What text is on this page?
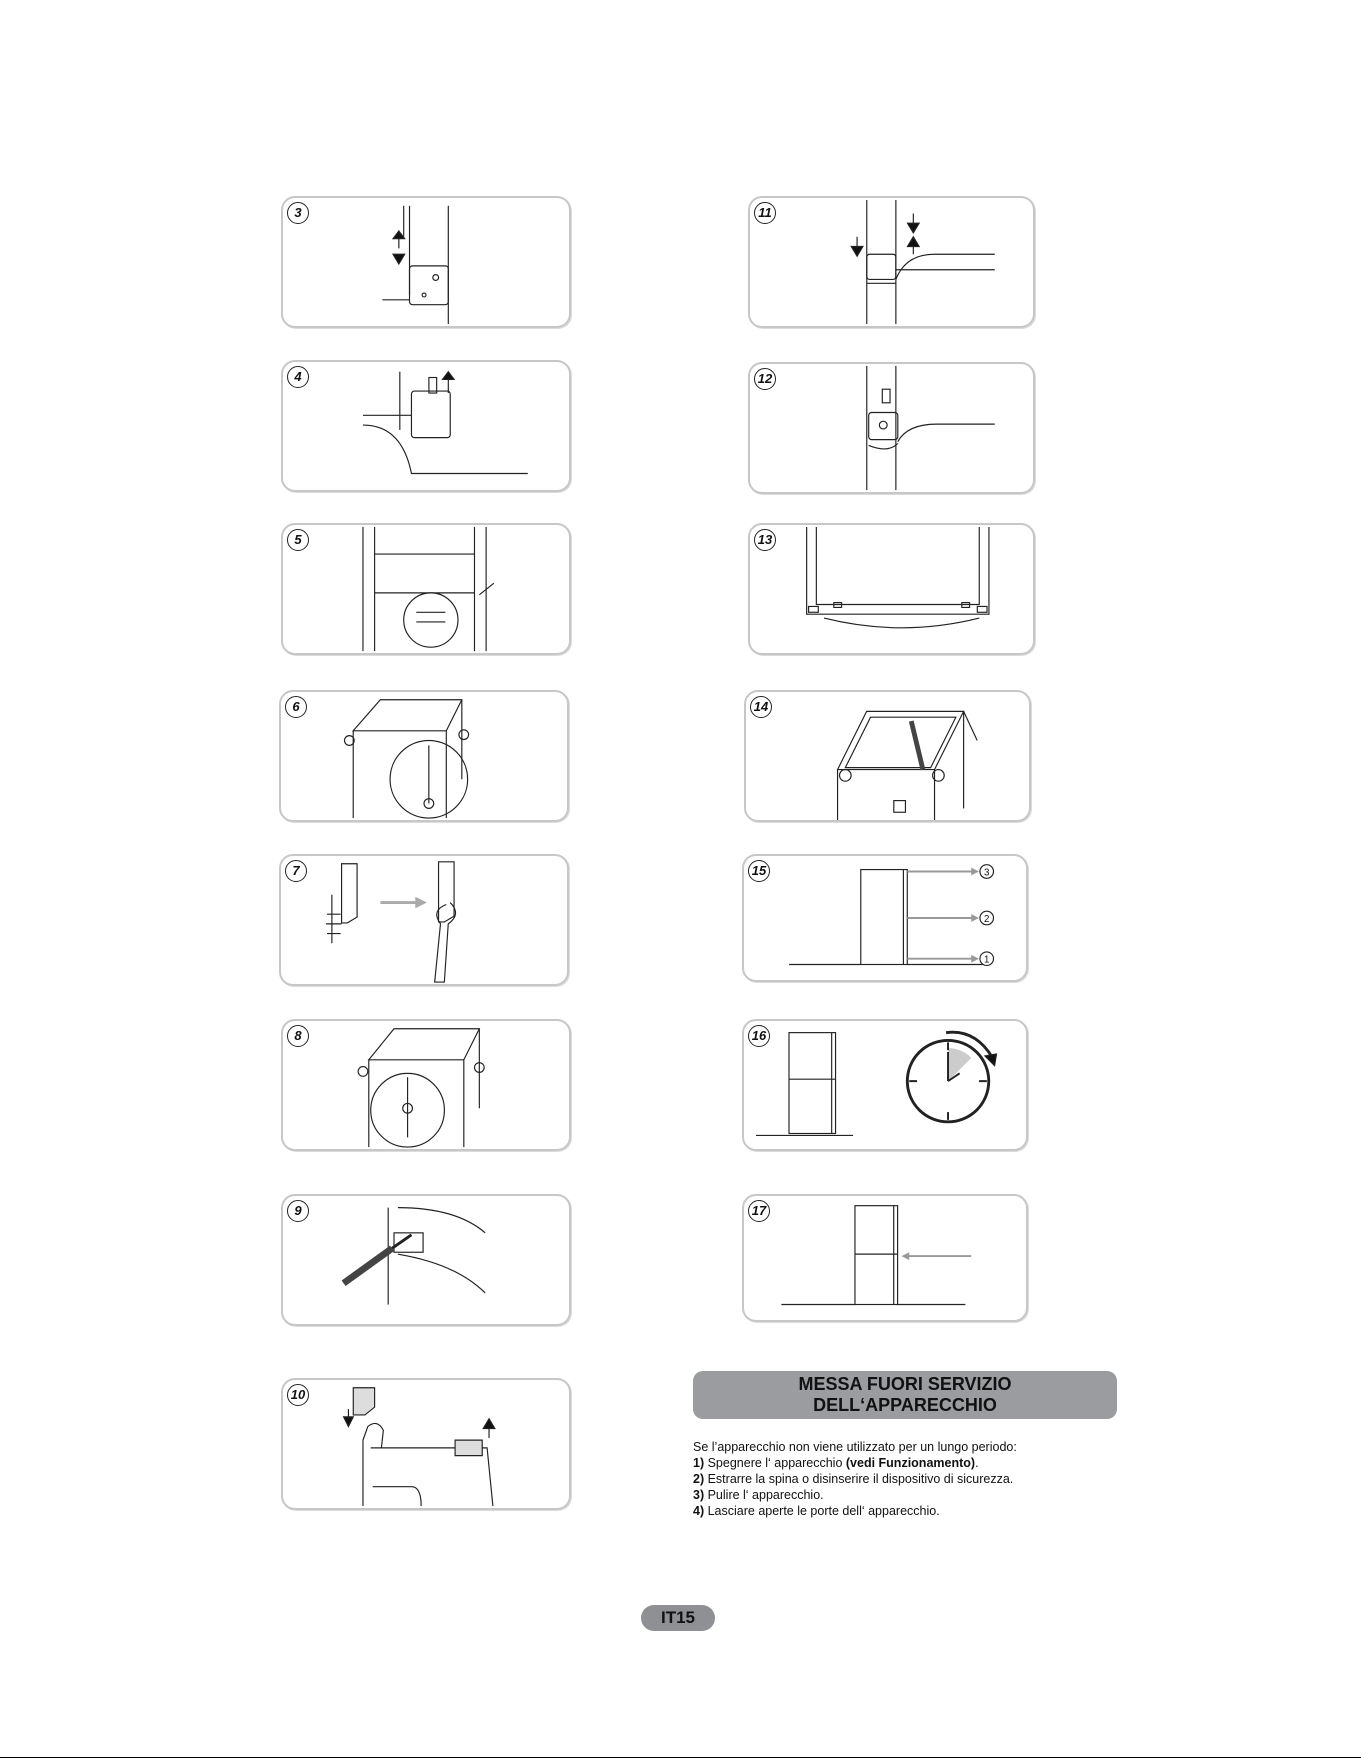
3
4
5
6
7
8
9
10
11
12
13
14
15	3
2
1
16
17
MESSA FUORI SERVIZIO
DELL‘APPARECCHIO

Se l’apparecchio non viene utilizzato per un lungo periodo:

1) Spegnere l‘ apparecchio (vedi Funzionamento).

2) Estrarre la spina o disinserire il dispositivo di sicurezza.

3) Pulire l‘ apparecchio.

4) Lasciare aperte le porte dell‘ apparecchio.

IT15
